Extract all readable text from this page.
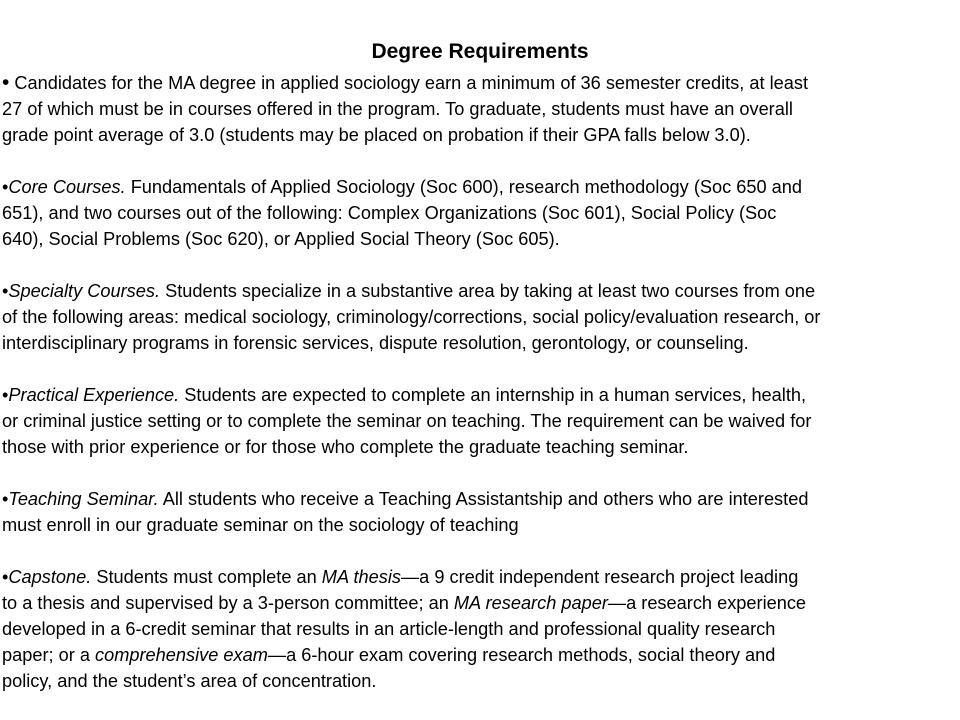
Degree Requirements
• Candidates for the MA degree in applied sociology earn a minimum of 36 semester credits, at least
27 of which must be in courses offered in the program. To graduate, students must have an overall
grade point average of 3.0 (students may be placed on probation if their GPA falls below 3.0).
•Core Courses. Fundamentals of Applied Sociology (Soc 600), research methodology (Soc 650 and
651), and two courses out of the following: Complex Organizations (Soc 601), Social Policy (Soc
640), Social Problems (Soc 620), or Applied Social Theory (Soc 605).
•Specialty Courses. Students specialize in a substantive area by taking at least two courses from one
of the following areas: medical sociology, criminology/corrections, social policy/evaluation research, or
interdisciplinary programs in forensic services, dispute resolution, gerontology, or counseling.
•Practical Experience. Students are expected to complete an internship in a human services, health,
or criminal justice setting or to complete the seminar on teaching. The requirement can be waived for
those with prior experience or for those who complete the graduate teaching seminar.
•Teaching Seminar. All students who receive a Teaching Assistantship and others who are interested
must enroll in our graduate seminar on the sociology of teaching
•Capstone. Students must complete an MA thesis—a 9 credit independent research project leading
to a thesis and supervised by a 3-person committee; an MA research paper—a research experience
developed in a 6-credit seminar that results in an article-length and professional quality research
paper; or a comprehensive exam—a 6-hour exam covering research methods, social theory and
policy, and the student’s area of concentration.
